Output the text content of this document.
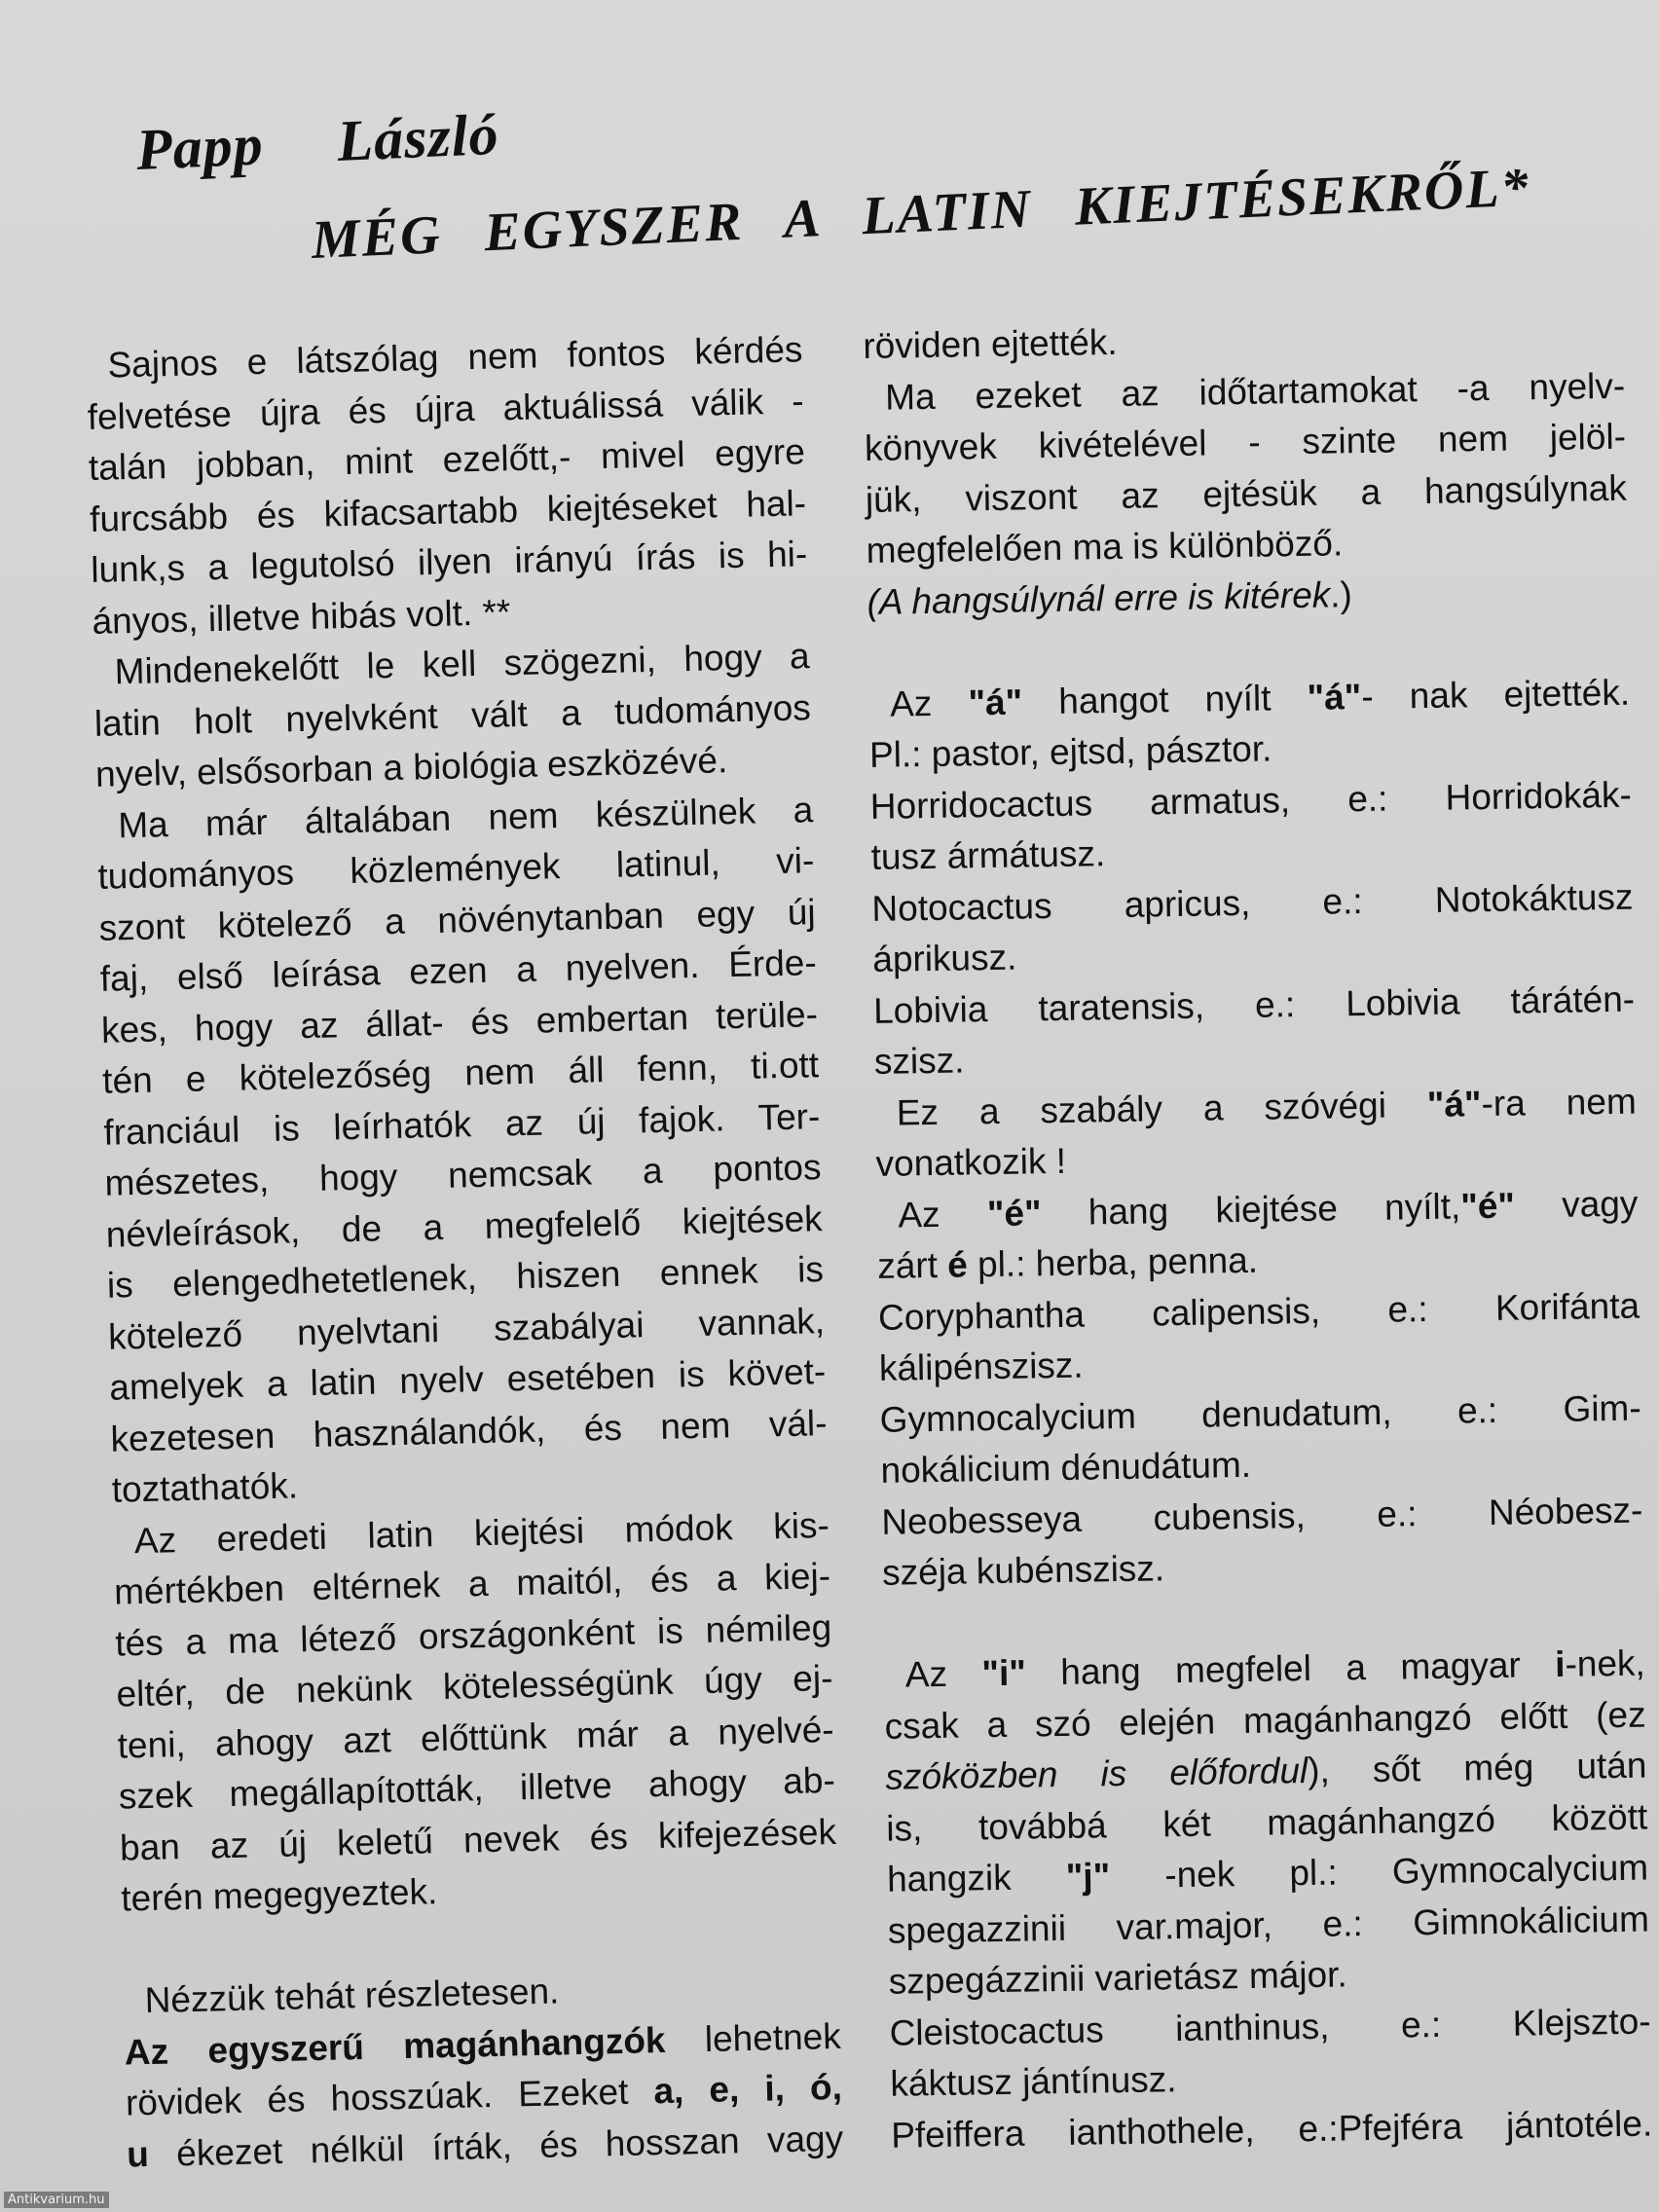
Papp  László
MÉG EGYSZER A LATIN KIEJTÉSEKRŐL*
Sajnos e látszólag nem fontos kérdés
felvetése újra és újra aktuálissá válik -
talán jobban, mint ezelőtt,- mivel egyre
furcsább és kifacsartabb kiejtéseket hal-
lunk,s a legutolsó ilyen irányú írás is hi-
ányos, illetve hibás volt. **
Mindenekelőtt le kell szögezni, hogy a
latin holt nyelvként vált a tudományos
nyelv, elsősorban a biológia eszközévé.
Ma már általában nem készülnek a
tudományos közlemények latinul, vi-
szont kötelező a növénytanban egy új
faj, első leírása ezen a nyelven. Érde-
kes, hogy az állat- és embertan terüle-
tén e kötelezőség nem áll fenn, ti.ott
franciául is leírhatók az új fajok. Ter-
mészetes, hogy nemcsak a pontos
névleírások, de a megfelelő kiejtések
is elengedhetetlenek, hiszen ennek is
kötelező nyelvtani szabályai vannak,
amelyek a latin nyelv esetében is követ-
kezetesen használandók, és nem vál-
toztathatók.
Az eredeti latin kiejtési módok kis-
mértékben eltérnek a maitól, és a kiej-
tés a ma létező országonként is némileg
eltér, de nekünk kötelességünk úgy ej-
teni, ahogy azt előttünk már a nyelvé-
szek megállapították, illetve ahogy ab-
ban az új keletű nevek és kifejezések
terén megegyeztek.
Nézzük tehát részletesen.
Az egyszerű magánhangzók lehetnek
rövidek és hosszúak. Ezeket a, e, i, ó,
u ékezet nélkül írták, és hosszan vagy
röviden ejtették.
Ma ezeket az időtartamokat -a nyelv-
könyvek kivételével - szinte nem jelöl-
jük, viszont az ejtésük a hangsúlynak
megfelelően ma is különböző.
(A hangsúlynál erre is kitérek.)
Az "á" hangot nyílt "á"- nak ejtették.
Pl.: pastor, ejtsd, pásztor.
Horridocactus armatus, e.: Horridokák-
tusz ármátusz.
Notocactus apricus, e.: Notokáktusz
áprikusz.
Lobivia taratensis, e.: Lobivia tárátén-
szisz.
Ez a szabály a szóvégi "á"-ra nem
vonatkozik !
Az "é" hang kiejtése nyílt,"é" vagy
zárt é pl.: herba, penna.
Coryphantha calipensis, e.: Korifánta
kálipénszisz.
Gymnocalycium denudatum, e.: Gim-
nokálicium dénudátum.
Neobesseya cubensis, e.: Néobesz-
széja kubénszisz.
Az "i" hang megfelel a magyar i-nek,
csak a szó elején magánhangzó előtt (ez
szóközben is előfordul), sőt még után
is, továbbá két magánhangzó között
hangzik "j" -nek pl.: Gymnocalycium
spegazzinii var.major, e.: Gimnokálicium
szpegázzinii varietász májor.
Cleistocactus ianthinus, e.: Klejszto-
káktusz jántínusz.
Pfeiffera ianthothele, e.:Pfejféra jántotéle.
Antikvarium.hu
